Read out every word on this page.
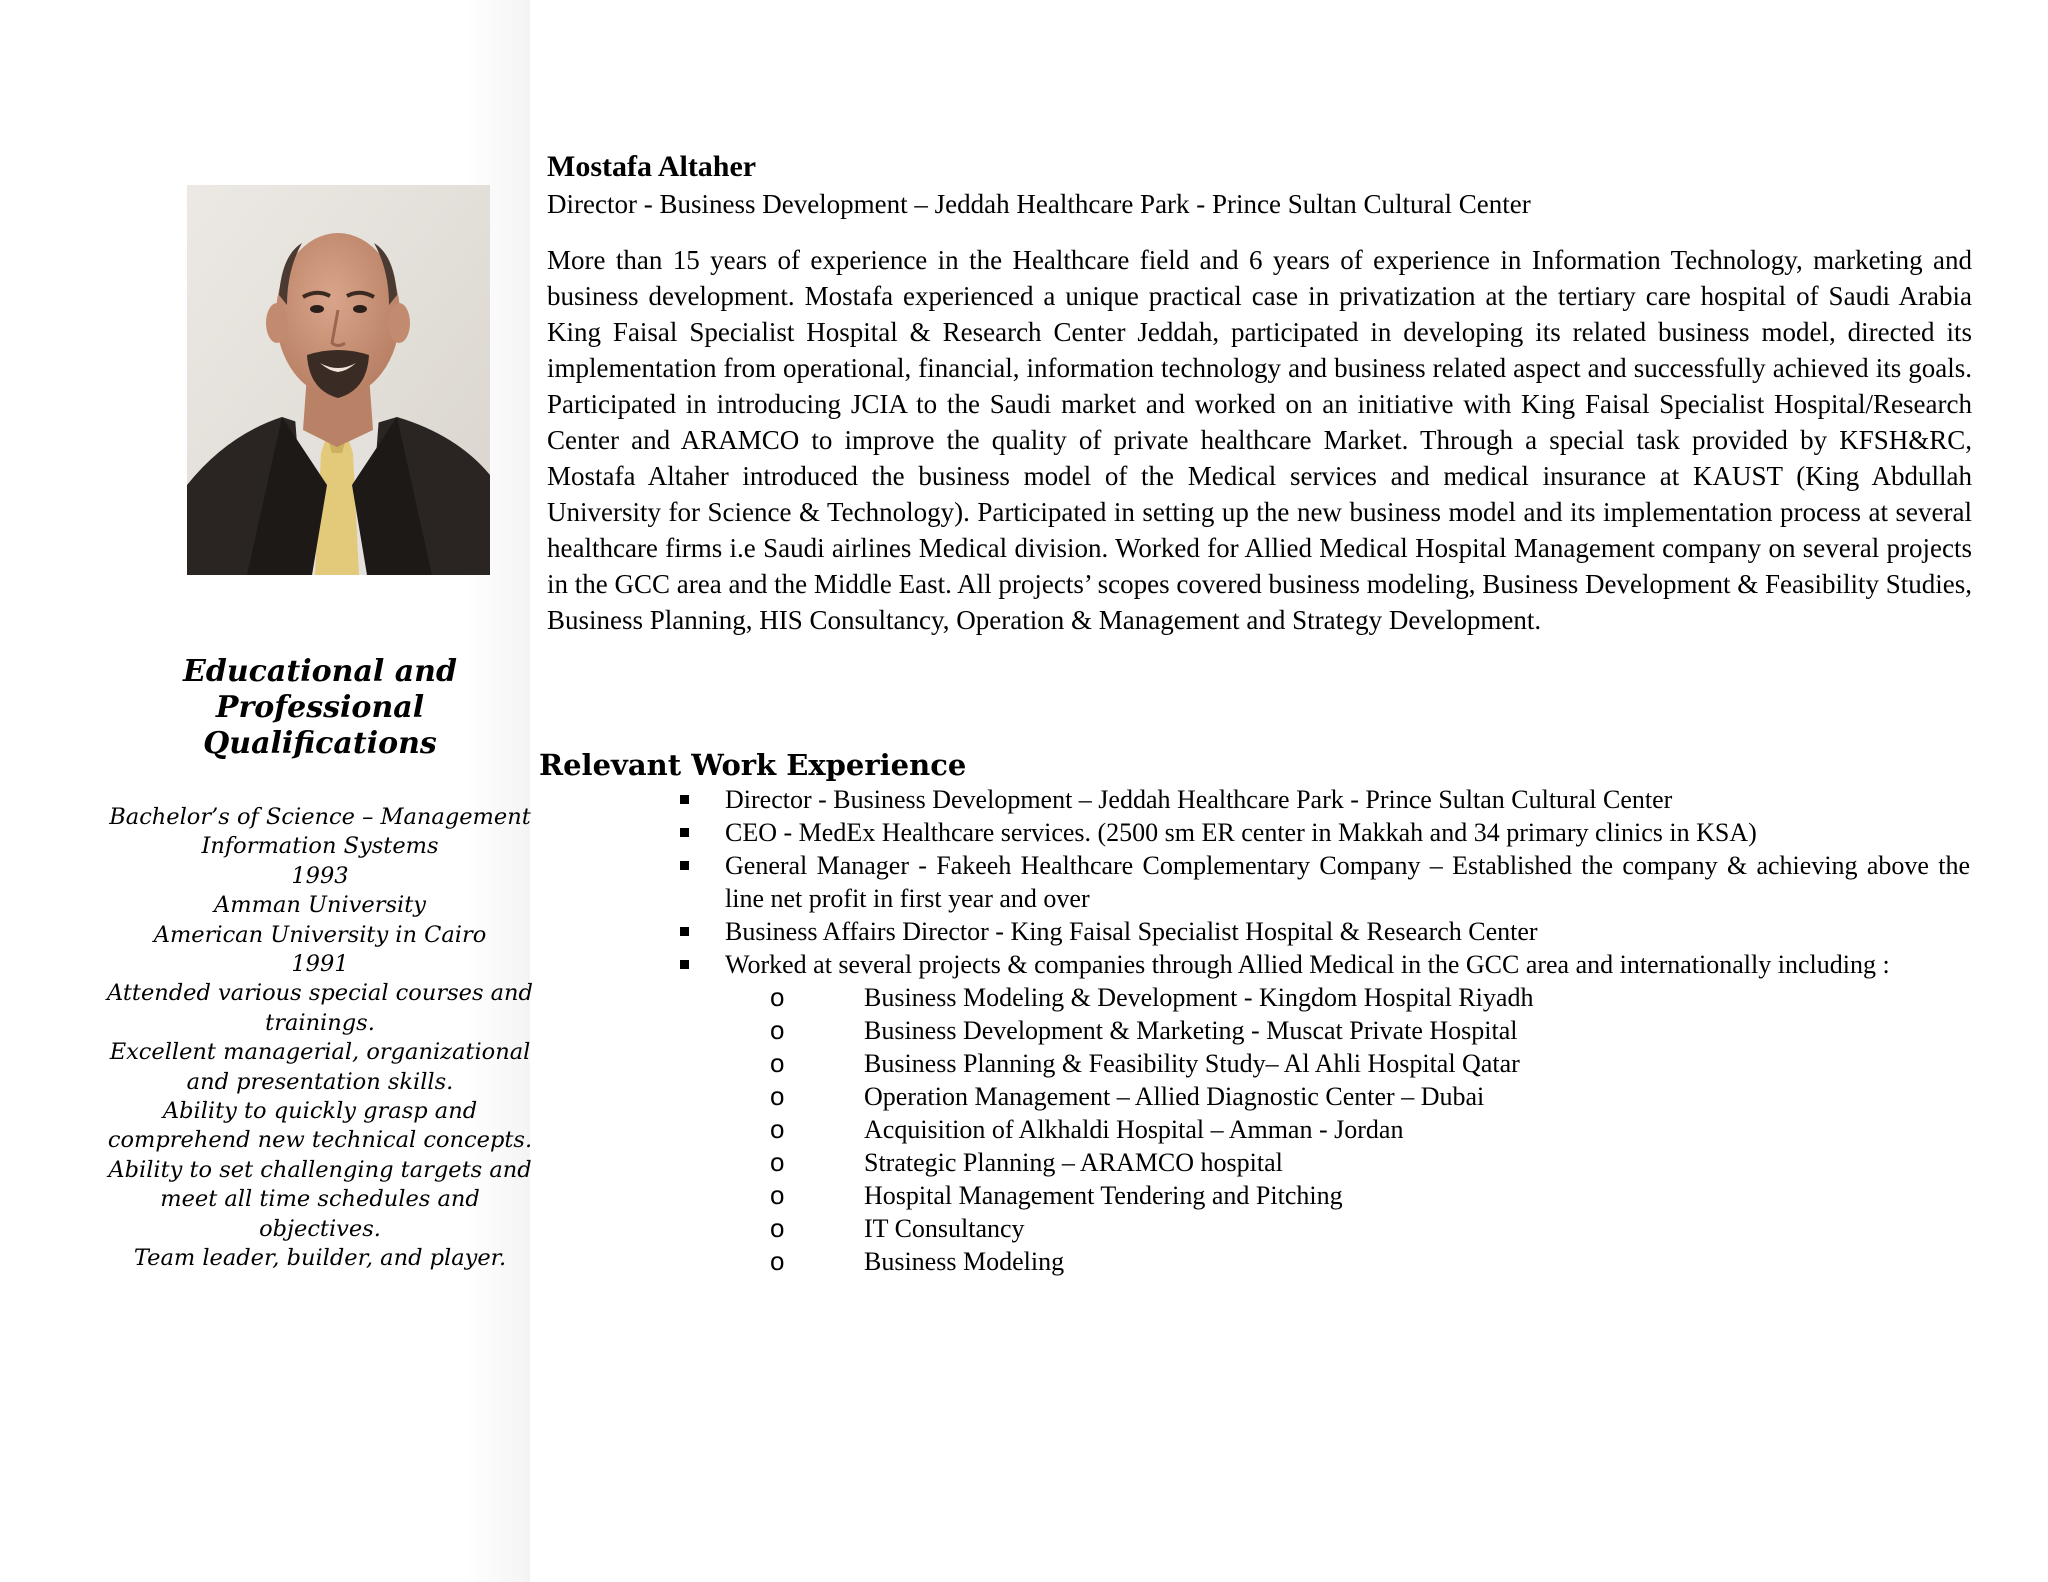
Educational and Professional Qualifications
Bachelor’s of Science – Management Information Systems
1993
Amman University
American University in Cairo
1991
Attended various special courses and trainings.
Excellent managerial, organizational and presentation skills.
Ability to quickly grasp and comprehend new technical concepts.
Ability to set challenging targets and meet all time schedules and objectives.
Team leader, builder, and player.
Mostafa Altaher
Director - Business Development – Jeddah Healthcare Park - Prince Sultan Cultural Center
More than 15 years of experience in the Healthcare field and 6 years of experience in Information Technology, marketing and business development. Mostafa experienced a unique practical case in privatization at the tertiary care hospital of Saudi Arabia King Faisal Specialist Hospital & Research Center Jeddah, participated in developing its related business model, directed its implementation from operational, financial, information technology and business related aspect and successfully achieved its goals. Participated in introducing JCIA to the Saudi market and worked on an initiative with King Faisal Specialist Hospital/Research Center and ARAMCO to improve the quality of private healthcare Market. Through a special task provided by KFSH&RC, Mostafa Altaher introduced the business model of the Medical services and medical insurance at KAUST (King Abdullah University for Science & Technology). Participated in setting up the new business model and its implementation process at several healthcare firms i.e Saudi airlines Medical division. Worked for Allied Medical Hospital Management company on several projects in the GCC area and the Middle East. All projects’ scopes covered business modeling, Business Development & Feasibility Studies, Business Planning, HIS Consultancy, Operation & Management and Strategy Development.
Relevant Work Experience
Director - Business Development – Jeddah Healthcare Park - Prince Sultan Cultural Center
CEO - MedEx Healthcare services. (2500 sm ER center in Makkah and 34 primary clinics in KSA)
General Manager - Fakeeh Healthcare Complementary Company – Established the company & achieving above the line net profit in first year and over
Business Affairs Director - King Faisal Specialist Hospital & Research Center
Worked at several projects & companies through Allied Medical in the GCC area and internationally including :
o	Business Modeling & Development - Kingdom Hospital Riyadh
o	Business Development & Marketing - Muscat Private Hospital
o	Business Planning & Feasibility Study– Al Ahli Hospital Qatar
o	Operation Management – Allied Diagnostic Center – Dubai
o	Acquisition of Alkhaldi Hospital – Amman - Jordan
o	Strategic Planning – ARAMCO hospital
o	Hospital Management Tendering and Pitching
o	IT Consultancy
o	Business Modeling
